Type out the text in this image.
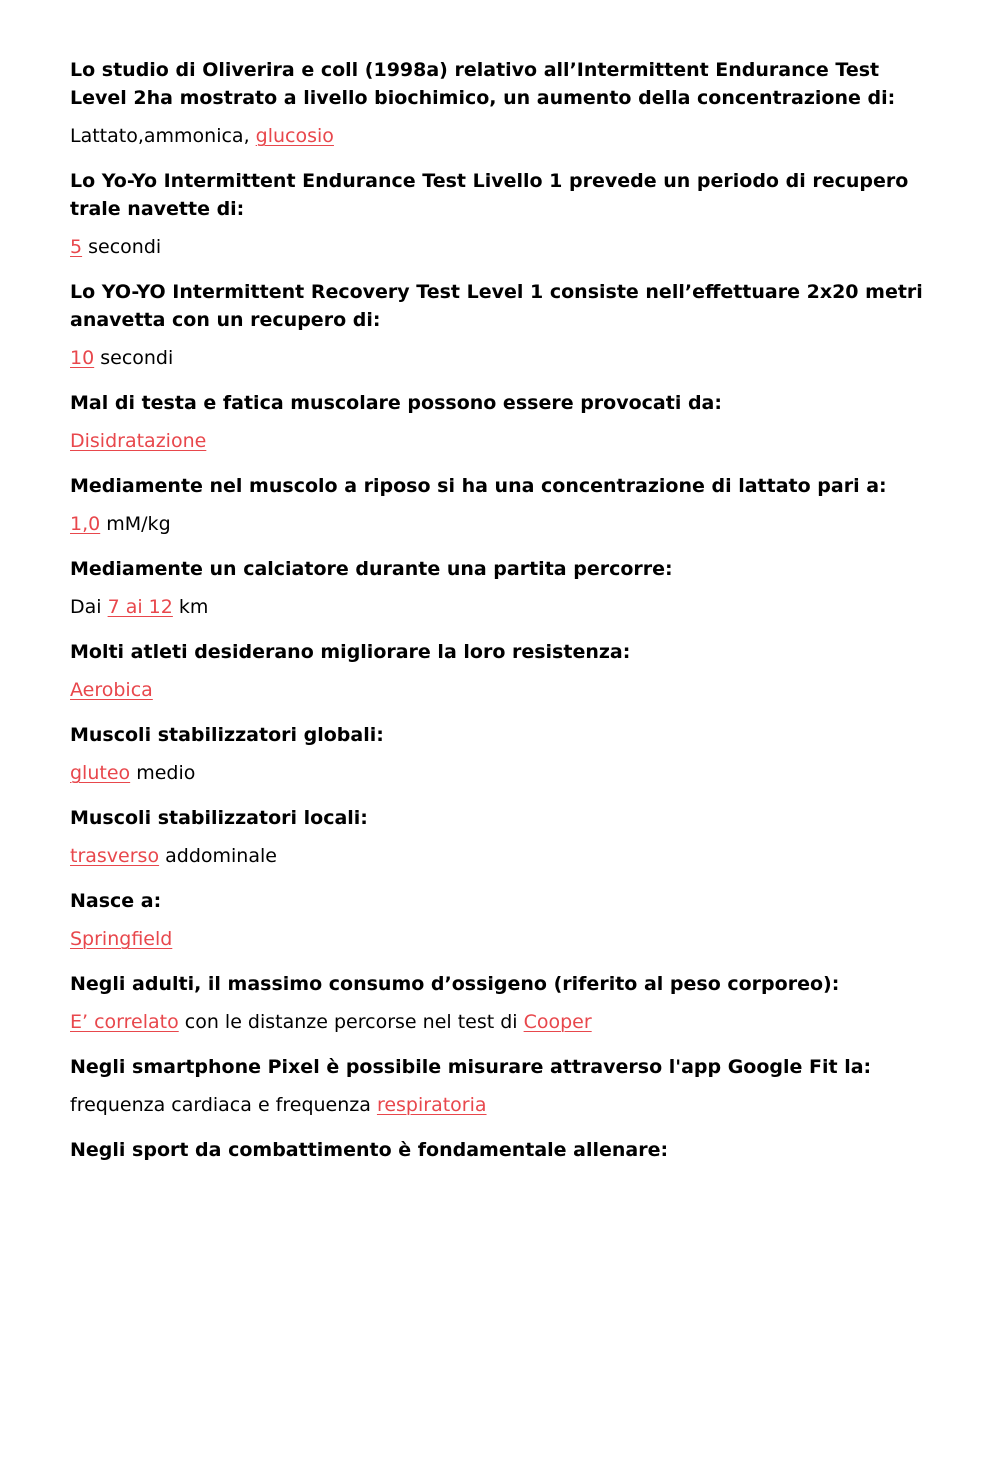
Lo studio di Oliverira e coll (1998a) relativo all’Intermittent Endurance Test Level 2ha mostrato a livello biochimico, un aumento della concentrazione di:

Lattato,ammonica, glucosio

Lo Yo-Yo Intermittent Endurance Test Livello 1 prevede un periodo di recupero trale navette di:

5 secondi

Lo YO-YO Intermittent Recovery Test Level 1 consiste nell’effettuare 2x20 metri anavetta con un recupero di:

10 secondi

Mal di testa e fatica muscolare possono essere provocati da:

Disidratazione

Mediamente nel muscolo a riposo si ha una concentrazione di lattato pari a:

1,0 mM/kg

Mediamente un calciatore durante una partita percorre:

Dai 7 ai 12 km

Molti atleti desiderano migliorare la loro resistenza:

Aerobica

Muscoli stabilizzatori globali:

gluteo medio

Muscoli stabilizzatori locali:

trasverso addominale

Nasce a:

Springfield

Negli adulti, il massimo consumo d’ossigeno (riferito al peso corporeo):

E’ correlato con le distanze percorse nel test di Cooper

Negli smartphone Pixel è possibile misurare attraverso l'app Google Fit la:

frequenza cardiaca e frequenza respiratoria

Negli sport da combattimento è fondamentale allenare:
